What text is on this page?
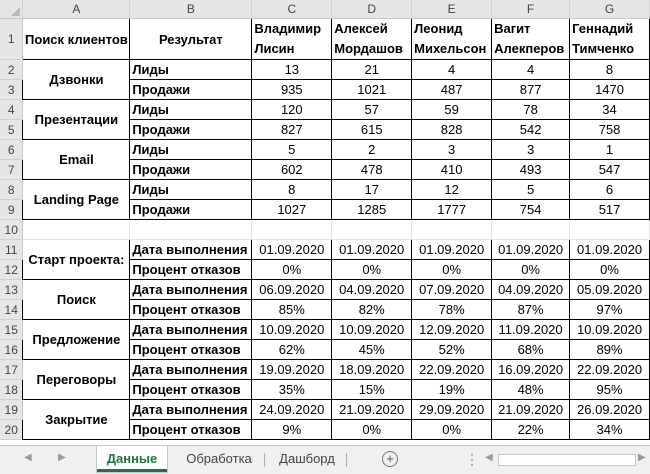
	A	B	C	D	E	F	G
1	Поиск клиентов	Результат	Владимир Лисин	Алексей Мордашов	Леонид Михельсон	Вагит Алекперов	Геннадий Тимченко
2	Дзвонки	Лиды	13	21	4	4	8
3		Продажи	935	1021	487	877	1470
4	Презентации	Лиды	120	57	59	78	34
5		Продажи	827	615	828	542	758
6	Email	Лиды	5	2	3	3	1
7		Продажи	602	478	410	493	547
8	Landing Page	Лиды	8	17	12	5	6
9		Продажи	1027	1285	1777	754	517
10							
11	Старт проекта:	Дата выполнения	01.09.2020	01.09.2020	01.09.2020	01.09.2020	01.09.2020
12		Процент отказов	0%	0%	0%	0%	0%
13	Поиск	Дата выполнения	06.09.2020	04.09.2020	07.09.2020	04.09.2020	05.09.2020
14		Процент отказов	85%	82%	78%	87%	97%
15	Предложение	Дата выполнения	10.09.2020	10.09.2020	12.09.2020	11.09.2020	10.09.2020
16		Процент отказов	62%	45%	52%	68%	89%
17	Переговоры	Дата выполнения	19.09.2020	18.09.2020	22.09.2020	16.09.2020	22.09.2020
18		Процент отказов	35%	15%	19%	48%	95%
19	Закрытие	Дата выполнения	24.09.2020	21.09.2020	29.09.2020	21.09.2020	26.09.2020
20		Процент отказов	9%	0%	0%	22%	34%
◀	▶	Данные	Обработка	Дашборд	+	⋮ ◀	▶
